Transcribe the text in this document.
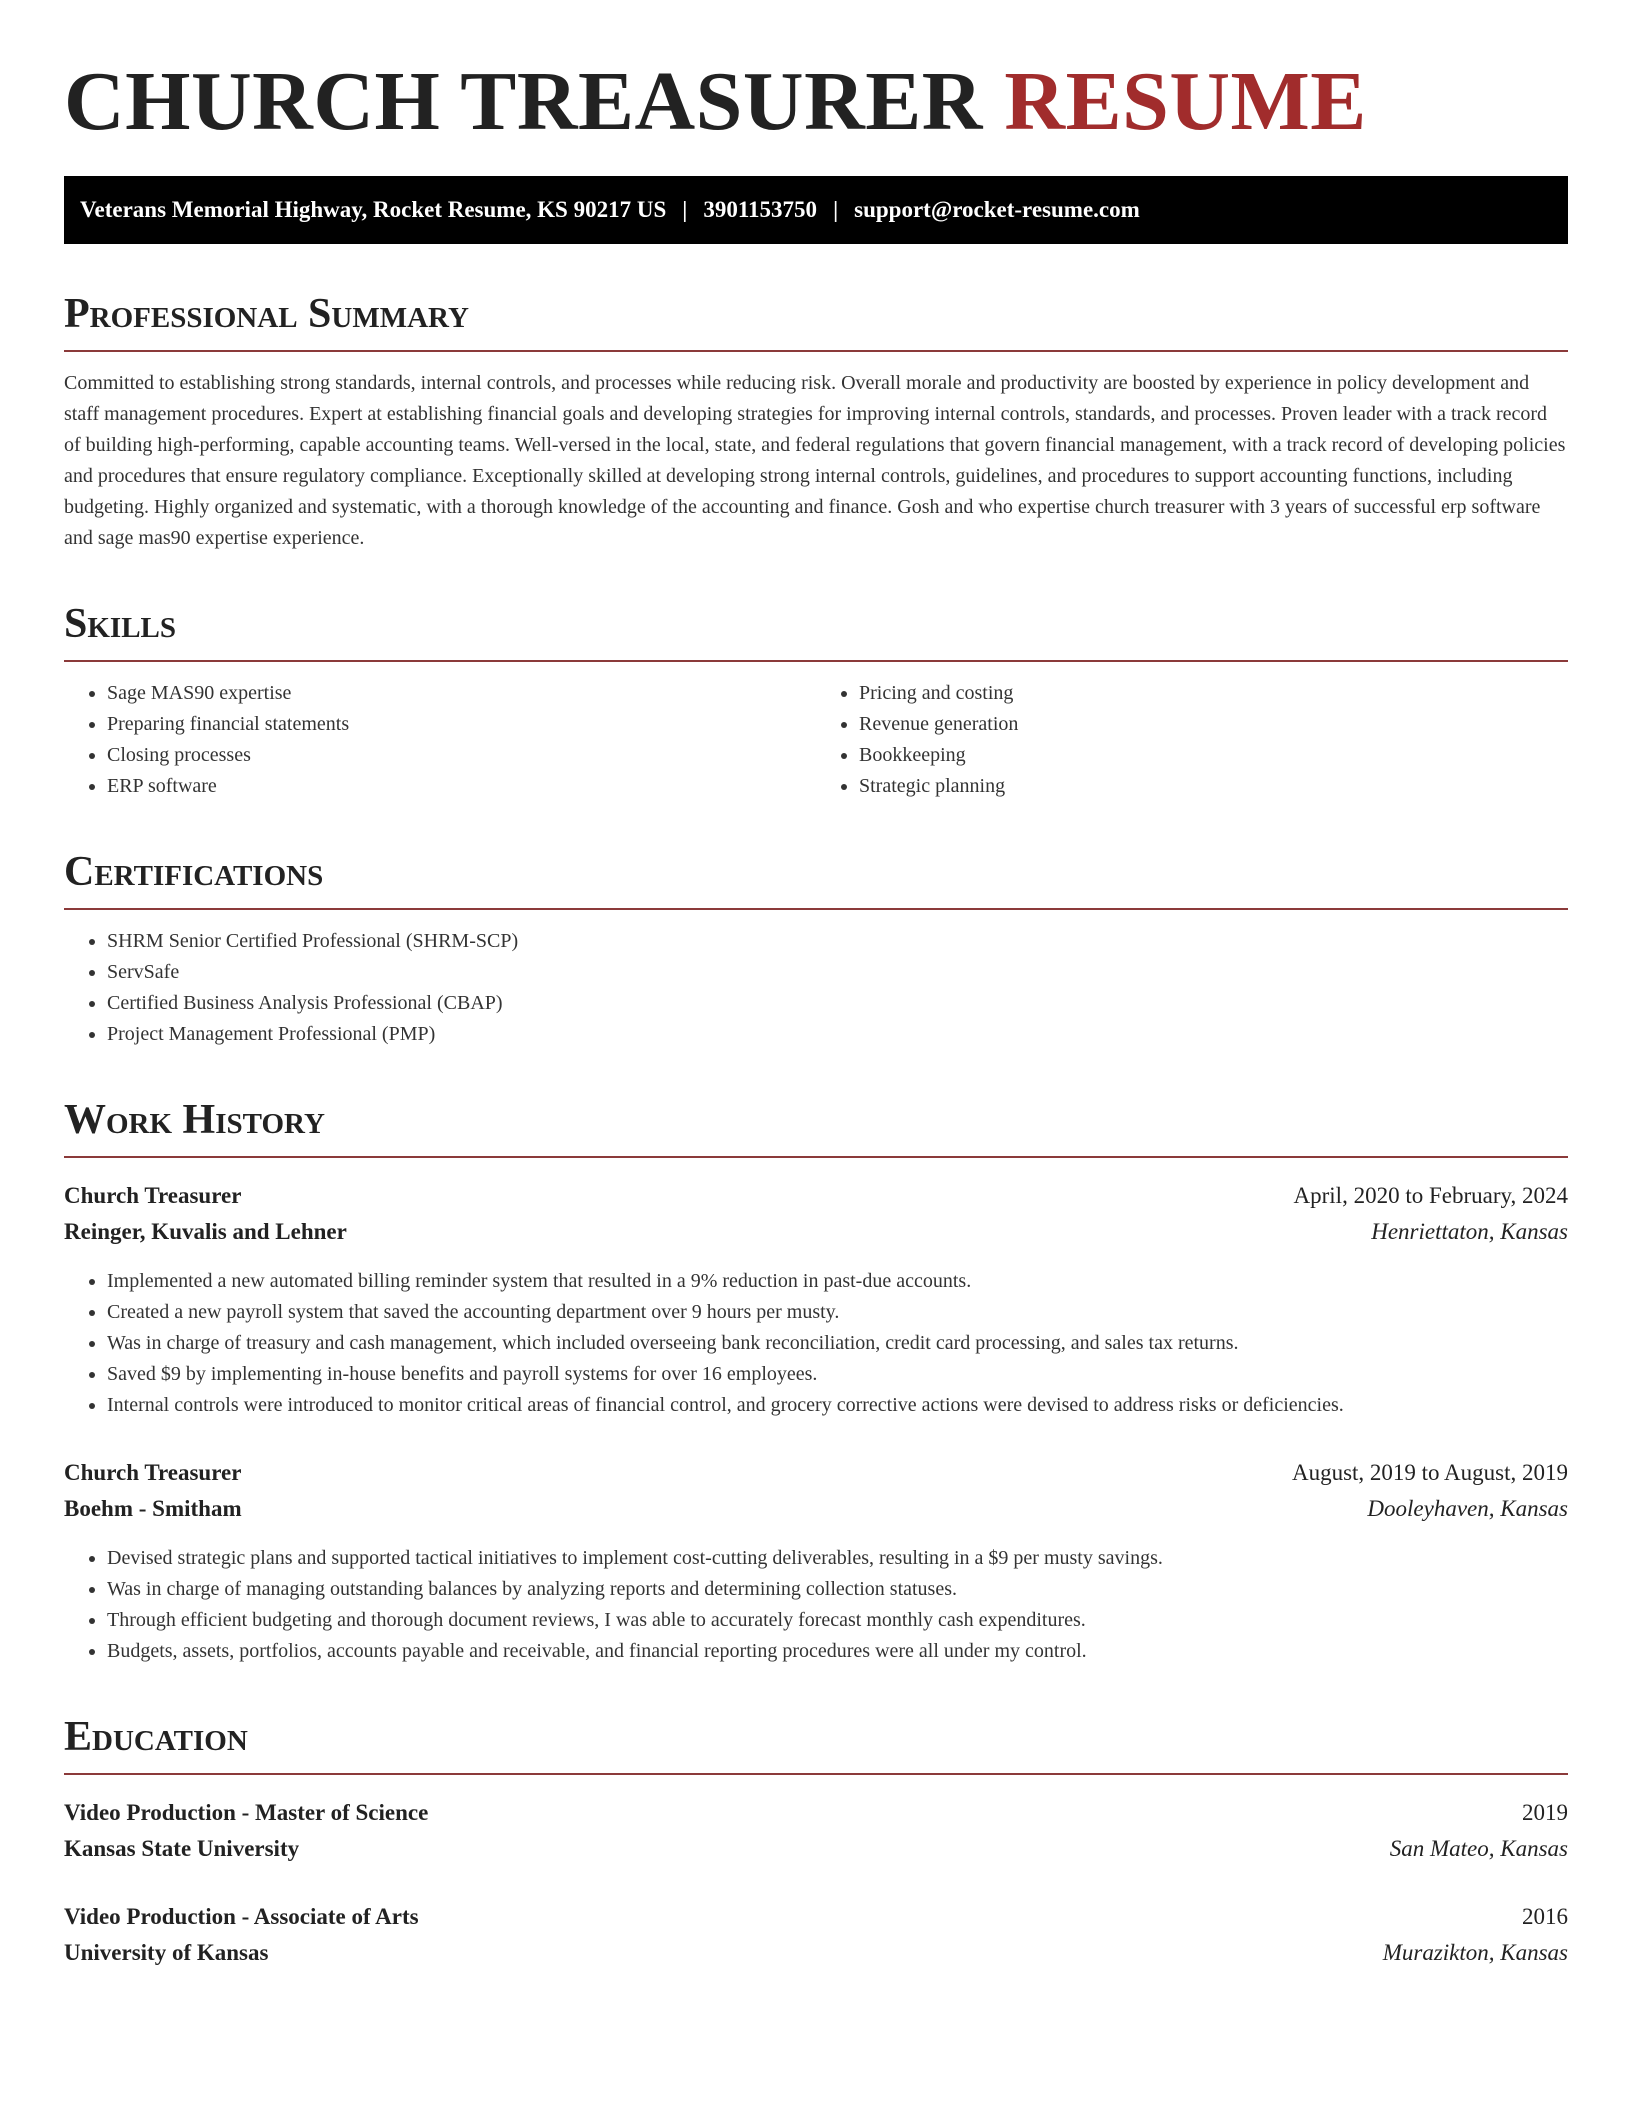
CHURCH TREASURER RESUME
Veterans Memorial Highway, Rocket Resume, KS 90217 US | 3901153750 | support@rocket-resume.com
Professional Summary

Committed to establishing strong standards, internal controls, and processes while reducing risk. Overall morale and productivity are boosted by experience in policy development and staff management procedures. Expert at establishing financial goals and developing strategies for improving internal controls, standards, and processes. Proven leader with a track record of building high-performing, capable accounting teams. Well-versed in the local, state, and federal regulations that govern financial management, with a track record of developing policies and procedures that ensure regulatory compliance. Exceptionally skilled at developing strong internal controls, guidelines, and procedures to support accounting functions, including budgeting. Highly organized and systematic, with a thorough knowledge of the accounting and finance. Gosh and who expertise church treasurer with 3 years of successful erp software and sage mas90 expertise experience.

Skills
• Sage MAS90 expertise
• Preparing financial statements
• Closing processes
• ERP software
• Pricing and costing
• Revenue generation
• Bookkeeping
• Strategic planning
Certifications
• SHRM Senior Certified Professional (SHRM-SCP)
• ServSafe
• Certified Business Analysis Professional (CBAP)
• Project Management Professional (PMP)
Work History
Church Treasurer	April, 2020 to February, 2024
Reinger, Kuvalis and Lehner	Henriettaton, Kansas
• Implemented a new automated billing reminder system that resulted in a 9% reduction in past-due accounts.
• Created a new payroll system that saved the accounting department over 9 hours per musty.
• Was in charge of treasury and cash management, which included overseeing bank reconciliation, credit card processing, and sales tax returns.
• Saved $9 by implementing in-house benefits and payroll systems for over 16 employees.
• Internal controls were introduced to monitor critical areas of financial control, and grocery corrective actions were devised to address risks or deficiencies.
Church Treasurer	August, 2019 to August, 2019
Boehm - Smitham	Dooleyhaven, Kansas
• Devised strategic plans and supported tactical initiatives to implement cost-cutting deliverables, resulting in a $9 per musty savings.
• Was in charge of managing outstanding balances by analyzing reports and determining collection statuses.
• Through efficient budgeting and thorough document reviews, I was able to accurately forecast monthly cash expenditures.
• Budgets, assets, portfolios, accounts payable and receivable, and financial reporting procedures were all under my control.
Education
Video Production - Master of Science	2019
Kansas State University	San Mateo, Kansas
Video Production - Associate of Arts	2016
University of Kansas	Murazikton, Kansas
